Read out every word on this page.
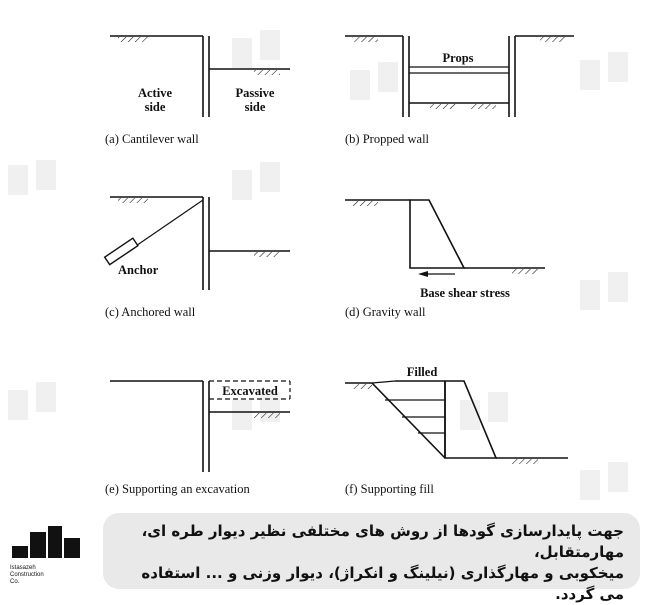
Active
side
Passive
side
(a) Cantilever wall
Props
(b) Propped wall
Anchor
(c) Anchored wall
Base shear stress
(d) Gravity wall
Excavated
(e) Supporting an excavation
Filled
(f) Supporting fill
Istasazeh
Construction
Co.
جهت پایدارسازی گودها از روش های مختلفی نظیر دیوار طره ای، مهارمتقابل،
میخکوبی و مهارگذاری (نیلینگ و انکراژ)، دیوار وزنی و ... استفاده می گردد.
